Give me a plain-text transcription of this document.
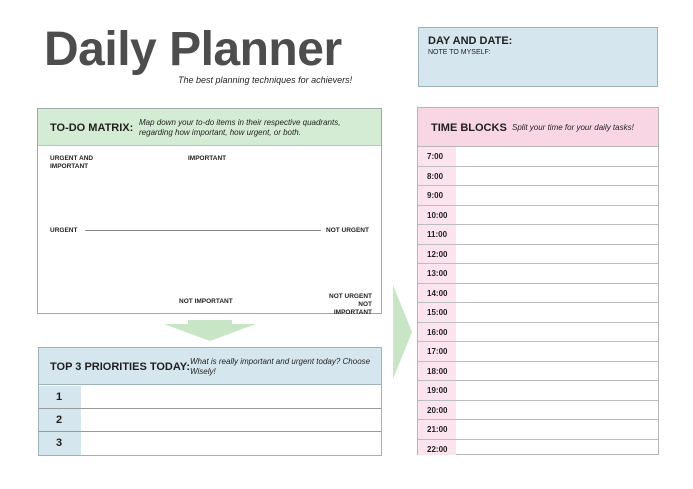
Daily Planner
The best planning techniques for achievers!
DAY AND DATE:
NOTE TO MYSELF:
TO-DO MATRIX: Map down your to-do items in their respective quadrants, regarding how important, how urgent, or both.
URGENT AND IMPORTANT
IMPORTANT
URGENT	NOT URGENT
NOT IMPORTANT
NOT URGENT NOT IMPORTANT
TOP 3 PRIORITIES TODAY: What is really important and urgent today? Choose Wisely!
1
2
3
TIME BLOCKS Split your time for your daily tasks!
7:00
8:00
9:00
10:00
11:00
12:00
13:00
14:00
15:00
16:00
17:00
18:00
19:00
20:00
21:00
22:00
